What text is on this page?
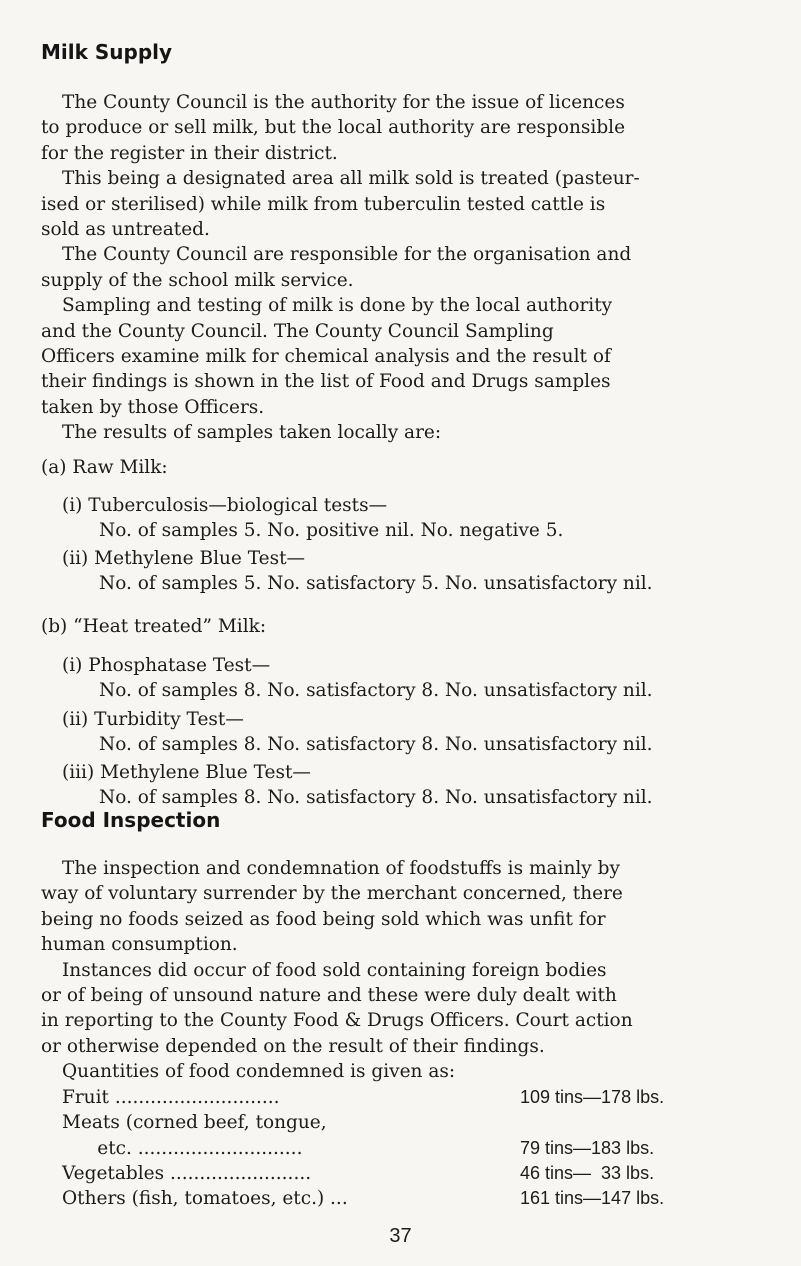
Milk Supply
The County Council is the authority for the issue of licences
to produce or sell milk, but the local authority are responsible
for the register in their district.
This being a designated area all milk sold is treated (pasteur-
ised or sterilised) while milk from tuberculin tested cattle is
sold as untreated.
The County Council are responsible for the organisation and
supply of the school milk service.
Sampling and testing of milk is done by the local authority
and the County Council. The County Council Sampling
Officers examine milk for chemical analysis and the result of
their findings is shown in the list of Food and Drugs samples
taken by those Officers.
The results of samples taken locally are:
(a) Raw Milk:
(i) Tuberculosis—biological tests—
No. of samples 5. No. positive nil. No. negative 5.
(ii) Methylene Blue Test—
No. of samples 5. No. satisfactory 5. No. unsatisfactory nil.
(b) “Heat treated” Milk:
(i) Phosphatase Test—
No. of samples 8. No. satisfactory 8. No. unsatisfactory nil.
(ii) Turbidity Test—
No. of samples 8. No. satisfactory 8. No. unsatisfactory nil.
(iii) Methylene Blue Test—
No. of samples 8. No. satisfactory 8. No. unsatisfactory nil.
Food Inspection
The inspection and condemnation of foodstuffs is mainly by
way of voluntary surrender by the merchant concerned, there
being no foods seized as food being sold which was unfit for
human consumption.
Instances did occur of food sold containing foreign bodies
or of being of unsound nature and these were duly dealt with
in reporting to the County Food & Drugs Officers. Court action
or otherwise depended on the result of their findings.
Quantities of food condemned is given as:
Fruit ............................	109 tins—178 lbs.
Meats (corned beef, tongue,
etc. ............................	79 tins—183 lbs.
Vegetables ........................	46 tins—  33 lbs.
Others (fish, tomatoes, etc.) ...	161 tins—147 lbs.
37
